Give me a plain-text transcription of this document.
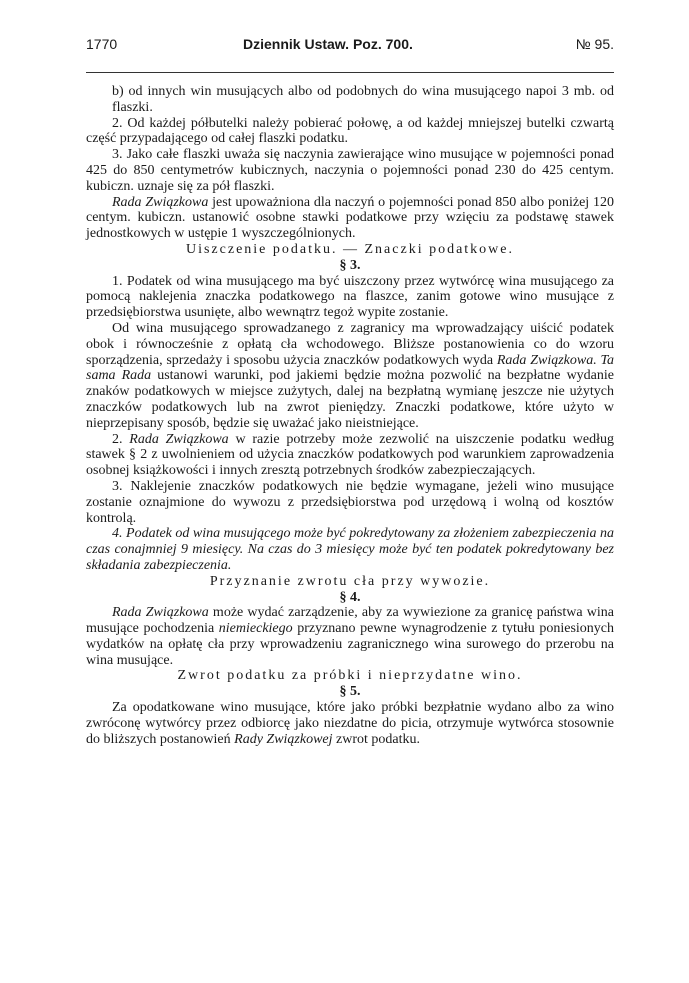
1770	Dziennik Ustaw. Poz. 700.	№ 95.

b) od innych win musujących albo od podobnych do wina musującego napoi 3 mb. od flaszki.

2. Od każdej półbutelki należy pobierać połowę, a od każdej mniejszej butelki czwartą część przypadającego od całej flaszki podatku.

3. Jako całe flaszki uważa się naczynia zawierające wino musujące w pojemności ponad 425 do 850 centymetrów kubicznych, naczynia o pojemności ponad 230 do 425 centym. kubiczn. uznaje się za pół flaszki.

Rada Związkowa jest upoważniona dla naczyń o pojemności ponad 850 albo poniżej 120 centym. kubiczn. ustanowić osobne stawki podatkowe przy wzięciu za podstawę stawek jednostkowych w ustępie 1 wyszczególnionych.

Uiszczenie podatku. — Znaczki podatkowe.

§ 3.

1. Podatek od wina musującego ma być uiszczony przez wytwórcę wina musującego za pomocą naklejenia znaczka podatkowego na flaszce, zanim gotowe wino musujące z przedsiębiorstwa usunięte, albo wewnątrz tegoż wypite zostanie.

Od wina musującego sprowadzanego z zagranicy ma wprowadzający uiścić podatek obok i równocześnie z opłatą cła wchodowego. Bliższe postanowienia co do wzoru sporządzenia, sprzedaży i sposobu użycia znaczków podatkowych wyda Rada Związkowa. Ta sama Rada ustanowi warunki, pod jakiemi będzie można pozwolić na bezpłatne wydanie znaków podatkowych w miejsce zużytych, dalej na bezpłatną wymianę jeszcze nie użytych znaczków podatkowych lub na zwrot pieniędzy. Znaczki podatkowe, które użyto w nieprzepisany sposób, będzie się uważać jako nieistniejące.

2. Rada Związkowa w razie potrzeby może zezwolić na uiszczenie podatku według stawek § 2 z uwolnieniem od użycia znaczków podatkowych pod warunkiem zaprowadzenia osobnej książkowości i innych zresztą potrzebnych środków zabezpieczających.

3. Naklejenie znaczków podatkowych nie będzie wymagane, jeżeli wino musujące zostanie oznajmione do wywozu z przedsiębiorstwa pod urzędową i wolną od kosztów kontrolą.

4. Podatek od wina musującego może być pokredytowany za złożeniem zabezpieczenia na czas conajmniej 9 miesięcy. Na czas do 3 miesięcy może być ten podatek pokredytowany bez składania zabezpieczenia.

Przyznanie zwrotu cła przy wywozie.

§ 4.

Rada Związkowa może wydać zarządzenie, aby za wywiezione za granicę państwa wina musujące pochodzenia niemieckiego przyznano pewne wynagrodzenie z tytułu poniesionych wydatków na opłatę cła przy wprowadzeniu zagranicznego wina surowego do przerobu na wina musujące.

Zwrot podatku za próbki i nieprzydatne wino.

§ 5.

Za opodatkowane wino musujące, które jako próbki bezpłatnie wydano albo za wino zwróconę wytwórcy przez odbiorcę jako niezdatne do picia, otrzymuje wytwórca stosownie do bliższych postanowień Rady Związkowej zwrot podatku.
